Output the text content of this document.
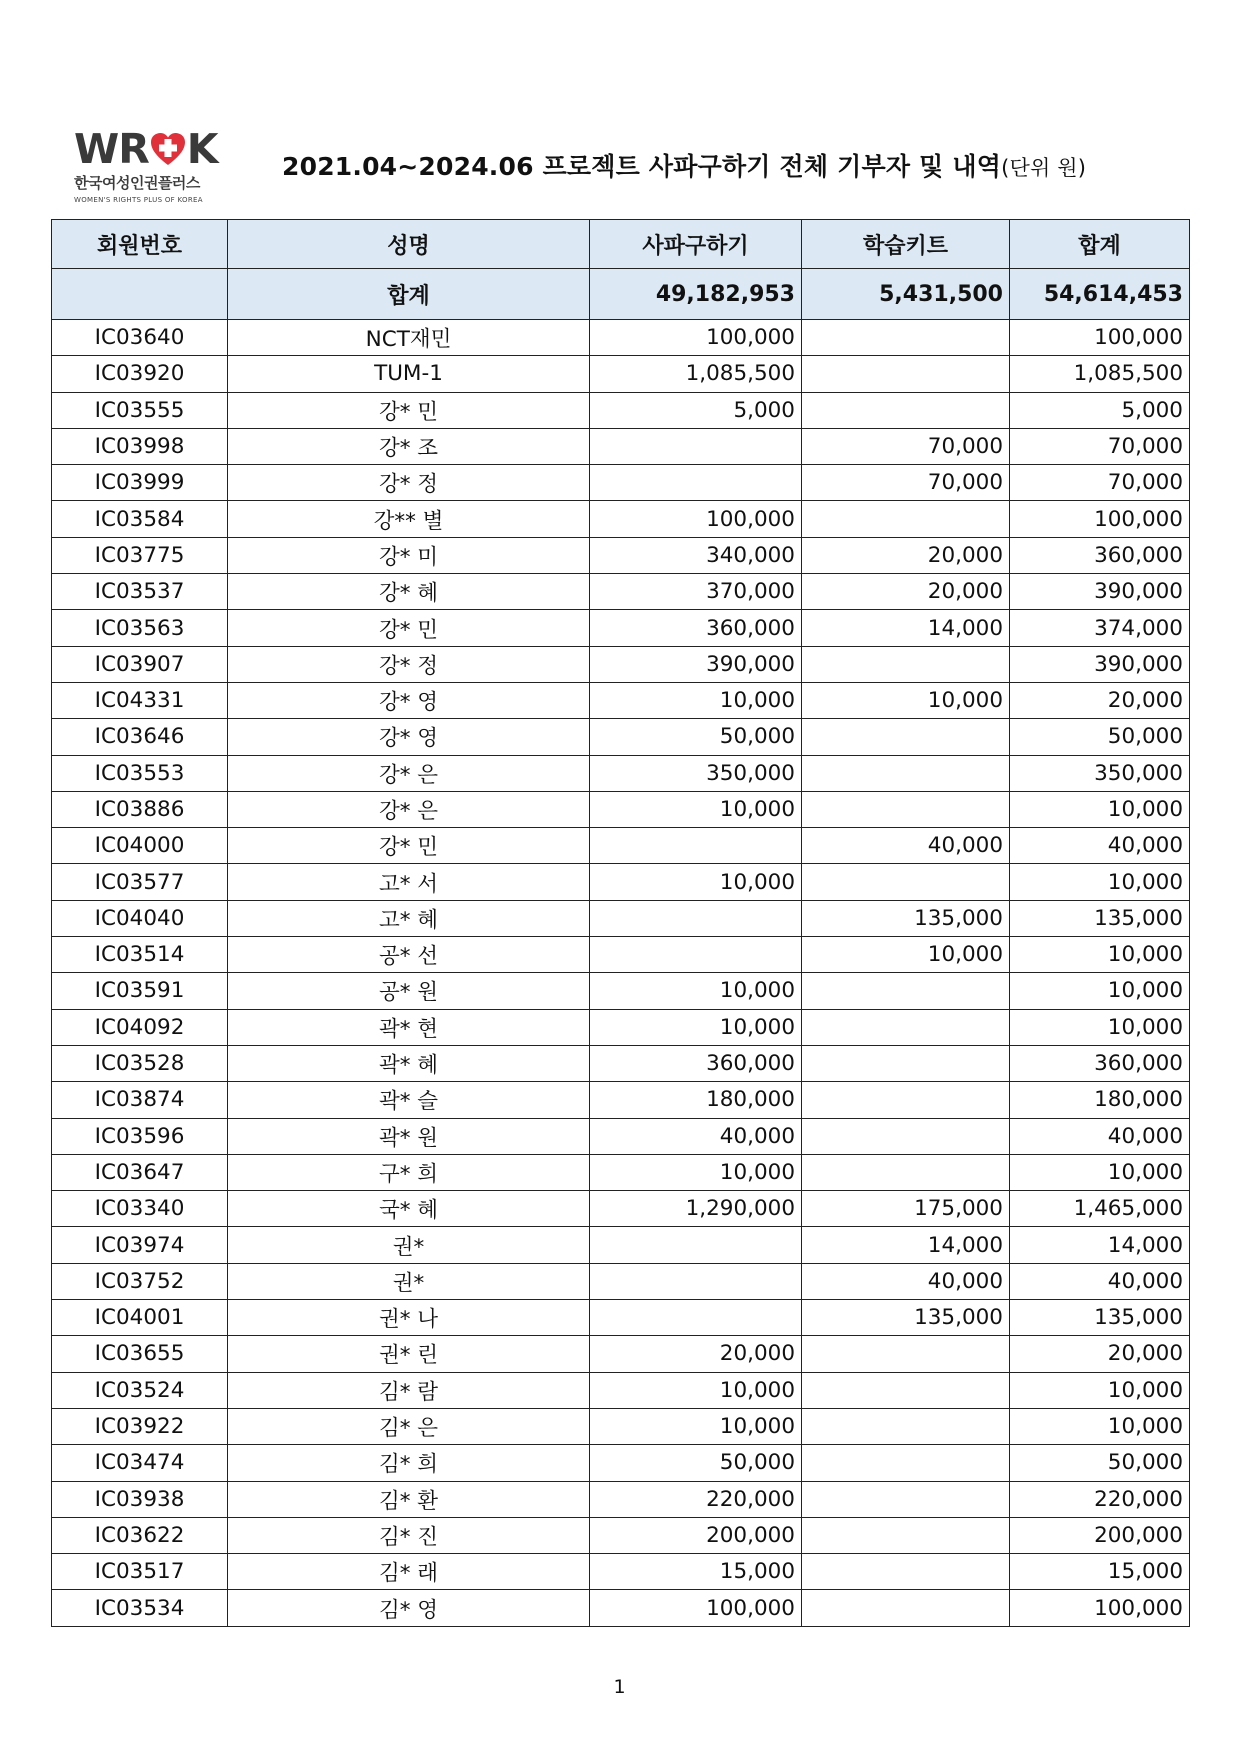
WR K
한국여성인권플러스
WOMEN'S RIGHTS PLUS OF KOREA
2021.04~2024.06 프로젝트 사파구하기 전체 기부자 및 내역(단위 원)
회원번호	성명	사파구하기	학습키트	합계
	합계	49,182,953	5,431,500	54,614,453
IC03640	NCT재민	100,000		100,000
IC03920	TUM-1	1,085,500		1,085,500
IC03555	강* 민	5,000		5,000
IC03998	강* 조		70,000	70,000
IC03999	강* 정		70,000	70,000
IC03584	강** 별	100,000		100,000
IC03775	강* 미	340,000	20,000	360,000
IC03537	강* 혜	370,000	20,000	390,000
IC03563	강* 민	360,000	14,000	374,000
IC03907	강* 정	390,000		390,000
IC04331	강* 영	10,000	10,000	20,000
IC03646	강* 영	50,000		50,000
IC03553	강* 은	350,000		350,000
IC03886	강* 은	10,000		10,000
IC04000	강* 민		40,000	40,000
IC03577	고* 서	10,000		10,000
IC04040	고* 혜		135,000	135,000
IC03514	공* 선		10,000	10,000
IC03591	공* 원	10,000		10,000
IC04092	곽* 현	10,000		10,000
IC03528	곽* 혜	360,000		360,000
IC03874	곽* 슬	180,000		180,000
IC03596	곽* 원	40,000		40,000
IC03647	구* 희	10,000		10,000
IC03340	국* 혜	1,290,000	175,000	1,465,000
IC03974	권*		14,000	14,000
IC03752	권*		40,000	40,000
IC04001	권* 나		135,000	135,000
IC03655	권* 린	20,000		20,000
IC03524	김* 람	10,000		10,000
IC03922	김* 은	10,000		10,000
IC03474	김* 희	50,000		50,000
IC03938	김* 환	220,000		220,000
IC03622	김* 진	200,000		200,000
IC03517	김* 래	15,000		15,000
IC03534	김* 영	100,000		100,000
1
